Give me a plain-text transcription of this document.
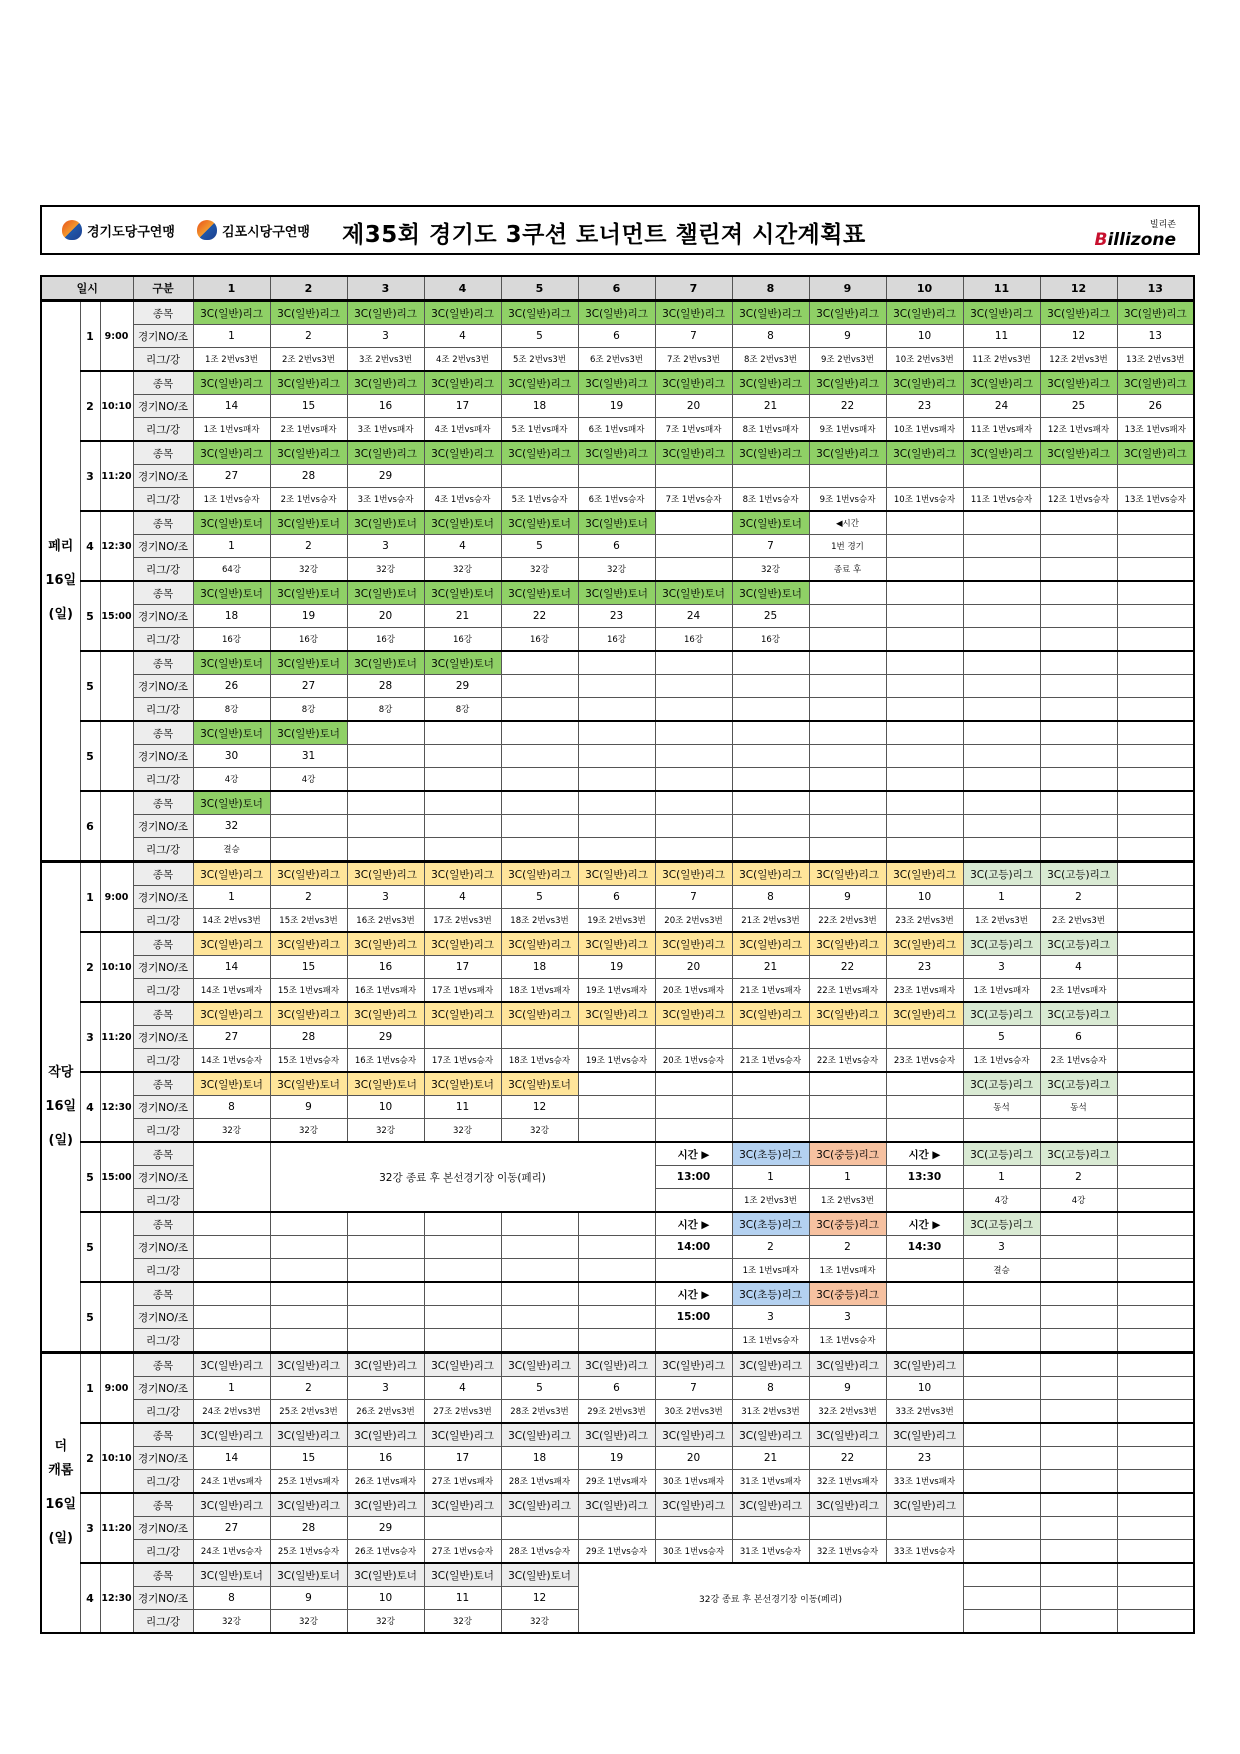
경기도당구연맹	김포시당구연맹 제35회 경기도 3쿠션 토너먼트 챌린져 시간계획표	빌리존
Billizone
일시			구분	1	2	3	4	5	6	7	8	9	10	11	12	13

페리
16일
(일)	1	9:00	종목	3C(일반)리그	3C(일반)리그	3C(일반)리그	3C(일반)리그	3C(일반)리그	3C(일반)리그	3C(일반)리그	3C(일반)리그	3C(일반)리그	3C(일반)리그	3C(일반)리그	3C(일반)리그	3C(일반)리그
			경기NO/조	1	2	3	4	5	6	7	8	9	10	11	12	13
			리그/강	1조 2번vs3번	2조 2번vs3번	3조 2번vs3번	4조 2번vs3번	5조 2번vs3번	6조 2번vs3번	7조 2번vs3번	8조 2번vs3번	9조 2번vs3번	10조 2번vs3번	11조 2번vs3번	12조 2번vs3번	13조 2번vs3번
	2	10:10	종목	3C(일반)리그	3C(일반)리그	3C(일반)리그	3C(일반)리그	3C(일반)리그	3C(일반)리그	3C(일반)리그	3C(일반)리그	3C(일반)리그	3C(일반)리그	3C(일반)리그	3C(일반)리그	3C(일반)리그
			경기NO/조	14	15	16	17	18	19	20	21	22	23	24	25	26
			리그/강	1조 1번vs패자	2조 1번vs패자	3조 1번vs패자	4조 1번vs패자	5조 1번vs패자	6조 1번vs패자	7조 1번vs패자	8조 1번vs패자	9조 1번vs패자	10조 1번vs패자	11조 1번vs패자	12조 1번vs패자	13조 1번vs패자
	3	11:20	종목	3C(일반)리그	3C(일반)리그	3C(일반)리그	3C(일반)리그	3C(일반)리그	3C(일반)리그	3C(일반)리그	3C(일반)리그	3C(일반)리그	3C(일반)리그	3C(일반)리그	3C(일반)리그	3C(일반)리그
			경기NO/조	27	28	29										
			리그/강	1조 1번vs승자	2조 1번vs승자	3조 1번vs승자	4조 1번vs승자	5조 1번vs승자	6조 1번vs승자	7조 1번vs승자	8조 1번vs승자	9조 1번vs승자	10조 1번vs승자	11조 1번vs승자	12조 1번vs승자	13조 1번vs승자
	4	12:30	종목	3C(일반)토너	3C(일반)토너	3C(일반)토너	3C(일반)토너	3C(일반)토너	3C(일반)토너		3C(일반)토너	◀시간				
			경기NO/조	1	2	3	4	5	6		7	1번 경기				
			리그/강	64강	32강	32강	32강	32강	32강		32강	종료 후				
	5	15:00	종목	3C(일반)토너	3C(일반)토너	3C(일반)토너	3C(일반)토너	3C(일반)토너	3C(일반)토너	3C(일반)토너	3C(일반)토너					
			경기NO/조	18	19	20	21	22	23	24	25					
			리그/강	16강	16강	16강	16강	16강	16강	16강	16강					
	5		종목	3C(일반)토너	3C(일반)토너	3C(일반)토너	3C(일반)토너									
			경기NO/조	26	27	28	29									
			리그/강	8강	8강	8강	8강									
	5		종목	3C(일반)토너	3C(일반)토너											
			경기NO/조	30	31											
			리그/강	4강	4강											
	6		종목	3C(일반)토너												
			경기NO/조	32												
			리그/강	결승												

작당
16일
(일)	1	9:00	종목	3C(일반)리그	3C(일반)리그	3C(일반)리그	3C(일반)리그	3C(일반)리그	3C(일반)리그	3C(일반)리그	3C(일반)리그	3C(일반)리그	3C(일반)리그	3C(고등)리그	3C(고등)리그	
			경기NO/조	1	2	3	4	5	6	7	8	9	10	1	2	
			리그/강	14조 2번vs3번	15조 2번vs3번	16조 2번vs3번	17조 2번vs3번	18조 2번vs3번	19조 2번vs3번	20조 2번vs3번	21조 2번vs3번	22조 2번vs3번	23조 2번vs3번	1조 2번vs3번	2조 2번vs3번	
	2	10:10	종목	3C(일반)리그	3C(일반)리그	3C(일반)리그	3C(일반)리그	3C(일반)리그	3C(일반)리그	3C(일반)리그	3C(일반)리그	3C(일반)리그	3C(일반)리그	3C(고등)리그	3C(고등)리그	
			경기NO/조	14	15	16	17	18	19	20	21	22	23	3	4	
			리그/강	14조 1번vs패자	15조 1번vs패자	16조 1번vs패자	17조 1번vs패자	18조 1번vs패자	19조 1번vs패자	20조 1번vs패자	21조 1번vs패자	22조 1번vs패자	23조 1번vs패자	1조 1번vs패자	2조 1번vs패자	
	3	11:20	종목	3C(일반)리그	3C(일반)리그	3C(일반)리그	3C(일반)리그	3C(일반)리그	3C(일반)리그	3C(일반)리그	3C(일반)리그	3C(일반)리그	3C(일반)리그	3C(고등)리그	3C(고등)리그	
			경기NO/조	27	28	29								5	6	
			리그/강	14조 1번vs승자	15조 1번vs승자	16조 1번vs승자	17조 1번vs승자	18조 1번vs승자	19조 1번vs승자	20조 1번vs승자	21조 1번vs승자	22조 1번vs승자	23조 1번vs승자	1조 1번vs승자	2조 1번vs승자	
	4	12:30	종목	3C(일반)토너	3C(일반)토너	3C(일반)토너	3C(일반)토너	3C(일반)토너						3C(고등)리그	3C(고등)리그	
			경기NO/조	8	9	10	11	12						동석	동석	
			리그/강	32강	32강	32강	32강	32강								
	5	15:00	종목		32강 종료 후 본선경기장 이동(페리)					시간 ▶	3C(초등)리그	3C(중등)리그	시간 ▶	3C(고등)리그	3C(고등)리그	
			경기NO/조							13:00	1	1	13:30	1	2	
			리그/강								1조 2번vs3번	1조 2번vs3번		4강	4강	
	5		종목							시간 ▶	3C(초등)리그	3C(중등)리그	시간 ▶	3C(고등)리그		
			경기NO/조							14:00	2	2	14:30	3		
			리그/강								1조 1번vs패자	1조 1번vs패자		결승		
	5		종목							시간 ▶	3C(초등)리그	3C(중등)리그				
			경기NO/조							15:00	3	3				
			리그/강								1조 1번vs승자	1조 1번vs승자				

더
캐롬
16일
(일)	1	9:00	종목	3C(일반)리그	3C(일반)리그	3C(일반)리그	3C(일반)리그	3C(일반)리그	3C(일반)리그	3C(일반)리그	3C(일반)리그	3C(일반)리그	3C(일반)리그			
			경기NO/조	1	2	3	4	5	6	7	8	9	10			
			리그/강	24조 2번vs3번	25조 2번vs3번	26조 2번vs3번	27조 2번vs3번	28조 2번vs3번	29조 2번vs3번	30조 2번vs3번	31조 2번vs3번	32조 2번vs3번	33조 2번vs3번			
	2	10:10	종목	3C(일반)리그	3C(일반)리그	3C(일반)리그	3C(일반)리그	3C(일반)리그	3C(일반)리그	3C(일반)리그	3C(일반)리그	3C(일반)리그	3C(일반)리그			
			경기NO/조	14	15	16	17	18	19	20	21	22	23			
			리그/강	24조 1번vs패자	25조 1번vs패자	26조 1번vs패자	27조 1번vs패자	28조 1번vs패자	29조 1번vs패자	30조 1번vs패자	31조 1번vs패자	32조 1번vs패자	33조 1번vs패자			
	3	11:20	종목	3C(일반)리그	3C(일반)리그	3C(일반)리그	3C(일반)리그	3C(일반)리그	3C(일반)리그	3C(일반)리그	3C(일반)리그	3C(일반)리그	3C(일반)리그			
			경기NO/조	27	28	29										
			리그/강	24조 1번vs승자	25조 1번vs승자	26조 1번vs승자	27조 1번vs승자	28조 1번vs승자	29조 1번vs승자	30조 1번vs승자	31조 1번vs승자	32조 1번vs승자	33조 1번vs승자			
	4	12:30	종목	3C(일반)토너	3C(일반)토너	3C(일반)토너	3C(일반)토너	3C(일반)토너	32강 종료 후 본선경기장 이동(페리)							
			경기NO/조	8	9	10	11	12								
			리그/강	32강	32강	32강	32강	32강								
